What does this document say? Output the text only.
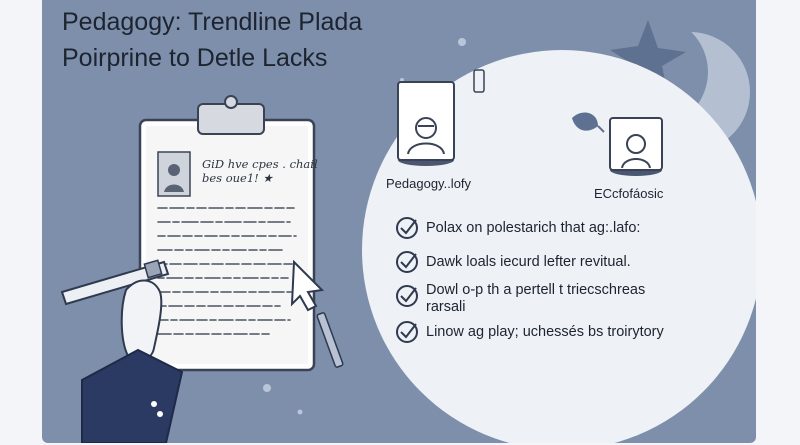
Pedagogy: Trendline Plada
Poirprine to Detle Lacks
GiD hve cpes . chail
bes oue1! ★	Pedagogy..lofy
ECcfofáosic
Polax on polestarich that ag:.lafo:
Dawk loals iecurd lefter revitual.
Dowl o-p th a pertell t triecschreas
rarsali
Linow ag play; uchessés bs troirytory
